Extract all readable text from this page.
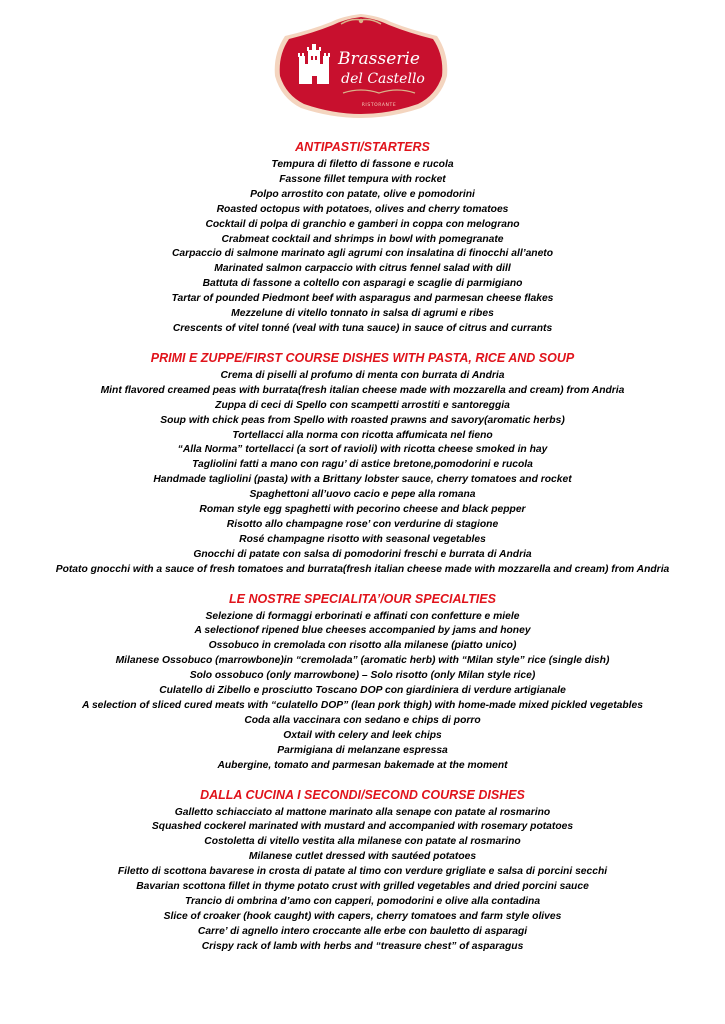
Brasserie
del Castello
RISTORANTE

ANTIPASTI/STARTERS

Tempura di filetto di fassone e rucola

Fassone fillet tempura with rocket

Polpo arrostito con patate, olive e pomodorini

Roasted octopus with potatoes, olives and cherry tomatoes

Cocktail di polpa di granchio e gamberi in coppa con melograno

Crabmeat cocktail and shrimps in bowl with pomegranate

Carpaccio di salmone marinato agli agrumi con insalatina di finocchi all’aneto

Marinated salmon carpaccio with citrus fennel salad with dill

Battuta di fassone a coltello con asparagi e scaglie di parmigiano

Tartar of pounded Piedmont beef with asparagus and parmesan cheese flakes

Mezzelune di vitello tonnato in salsa di agrumi e ribes

Crescents of vitel tonné (veal with tuna sauce) in sauce of citrus and currants

PRIMI E ZUPPE/FIRST COURSE DISHES WITH PASTA, RICE AND SOUP

Crema di piselli al profumo di menta con burrata di Andria

Mint flavored creamed peas with burrata(fresh italian cheese made with mozzarella and cream) from Andria

Zuppa di ceci di Spello con scampetti arrostiti e santoreggia

Soup with chick peas from Spello with roasted prawns and savory(aromatic herbs)

Tortellacci alla norma con ricotta affumicata nel fieno

“Alla Norma” tortellacci (a sort of ravioli) with ricotta cheese smoked in hay

Tagliolini fatti a mano con ragu’ di astice bretone,pomodorini e rucola

Handmade tagliolini (pasta) with a Brittany lobster sauce, cherry tomatoes and rocket

Spaghettoni all’uovo cacio e pepe alla romana

Roman style egg spaghetti with pecorino cheese and black pepper

Risotto allo champagne rose’ con verdurine di stagione

Rosé champagne risotto with seasonal vegetables

Gnocchi di patate con salsa di pomodorini freschi e burrata di Andria

Potato gnocchi with a sauce of fresh tomatoes and burrata(fresh italian cheese made with mozzarella and cream) from Andria

LE NOSTRE SPECIALITA’/OUR SPECIALTIES

Selezione di formaggi erborinati e affinati con confetture e miele

A selectionof ripened blue cheeses accompanied by jams and honey

Ossobuco in cremolada con risotto alla milanese (piatto unico)

Milanese Ossobuco (marrowbone)in “cremolada” (aromatic herb) with “Milan style” rice (single dish)

Solo ossobuco (only marrowbone) – Solo risotto (only Milan style rice)

Culatello di Zibello e prosciutto Toscano DOP con giardiniera di verdure artigianale

A selection of sliced cured meats with “culatello DOP” (lean pork thigh) with home-made mixed pickled vegetables

Coda alla vaccinara con sedano e chips di porro

Oxtail with celery and leek chips

Parmigiana di melanzane espressa

Aubergine, tomato and parmesan bakemade at the moment

DALLA CUCINA I SECONDI/SECOND COURSE DISHES

Galletto schiacciato al mattone marinato alla senape con patate al rosmarino

Squashed cockerel marinated with mustard and accompanied with rosemary potatoes

Costoletta di vitello vestita alla milanese con patate al rosmarino

Milanese cutlet dressed with sautéed potatoes

Filetto di scottona bavarese in crosta di patate al timo con verdure grigliate e salsa di porcini secchi

Bavarian scottona fillet in thyme potato crust with grilled vegetables and dried porcini sauce

Trancio di ombrina d’amo con capperi, pomodorini e olive alla contadina

Slice of croaker (hook caught) with capers, cherry tomatoes and farm style olives

Carre’ di agnello intero croccante alle erbe con bauletto di asparagi

Crispy rack of lamb with herbs and “treasure chest” of asparagus
